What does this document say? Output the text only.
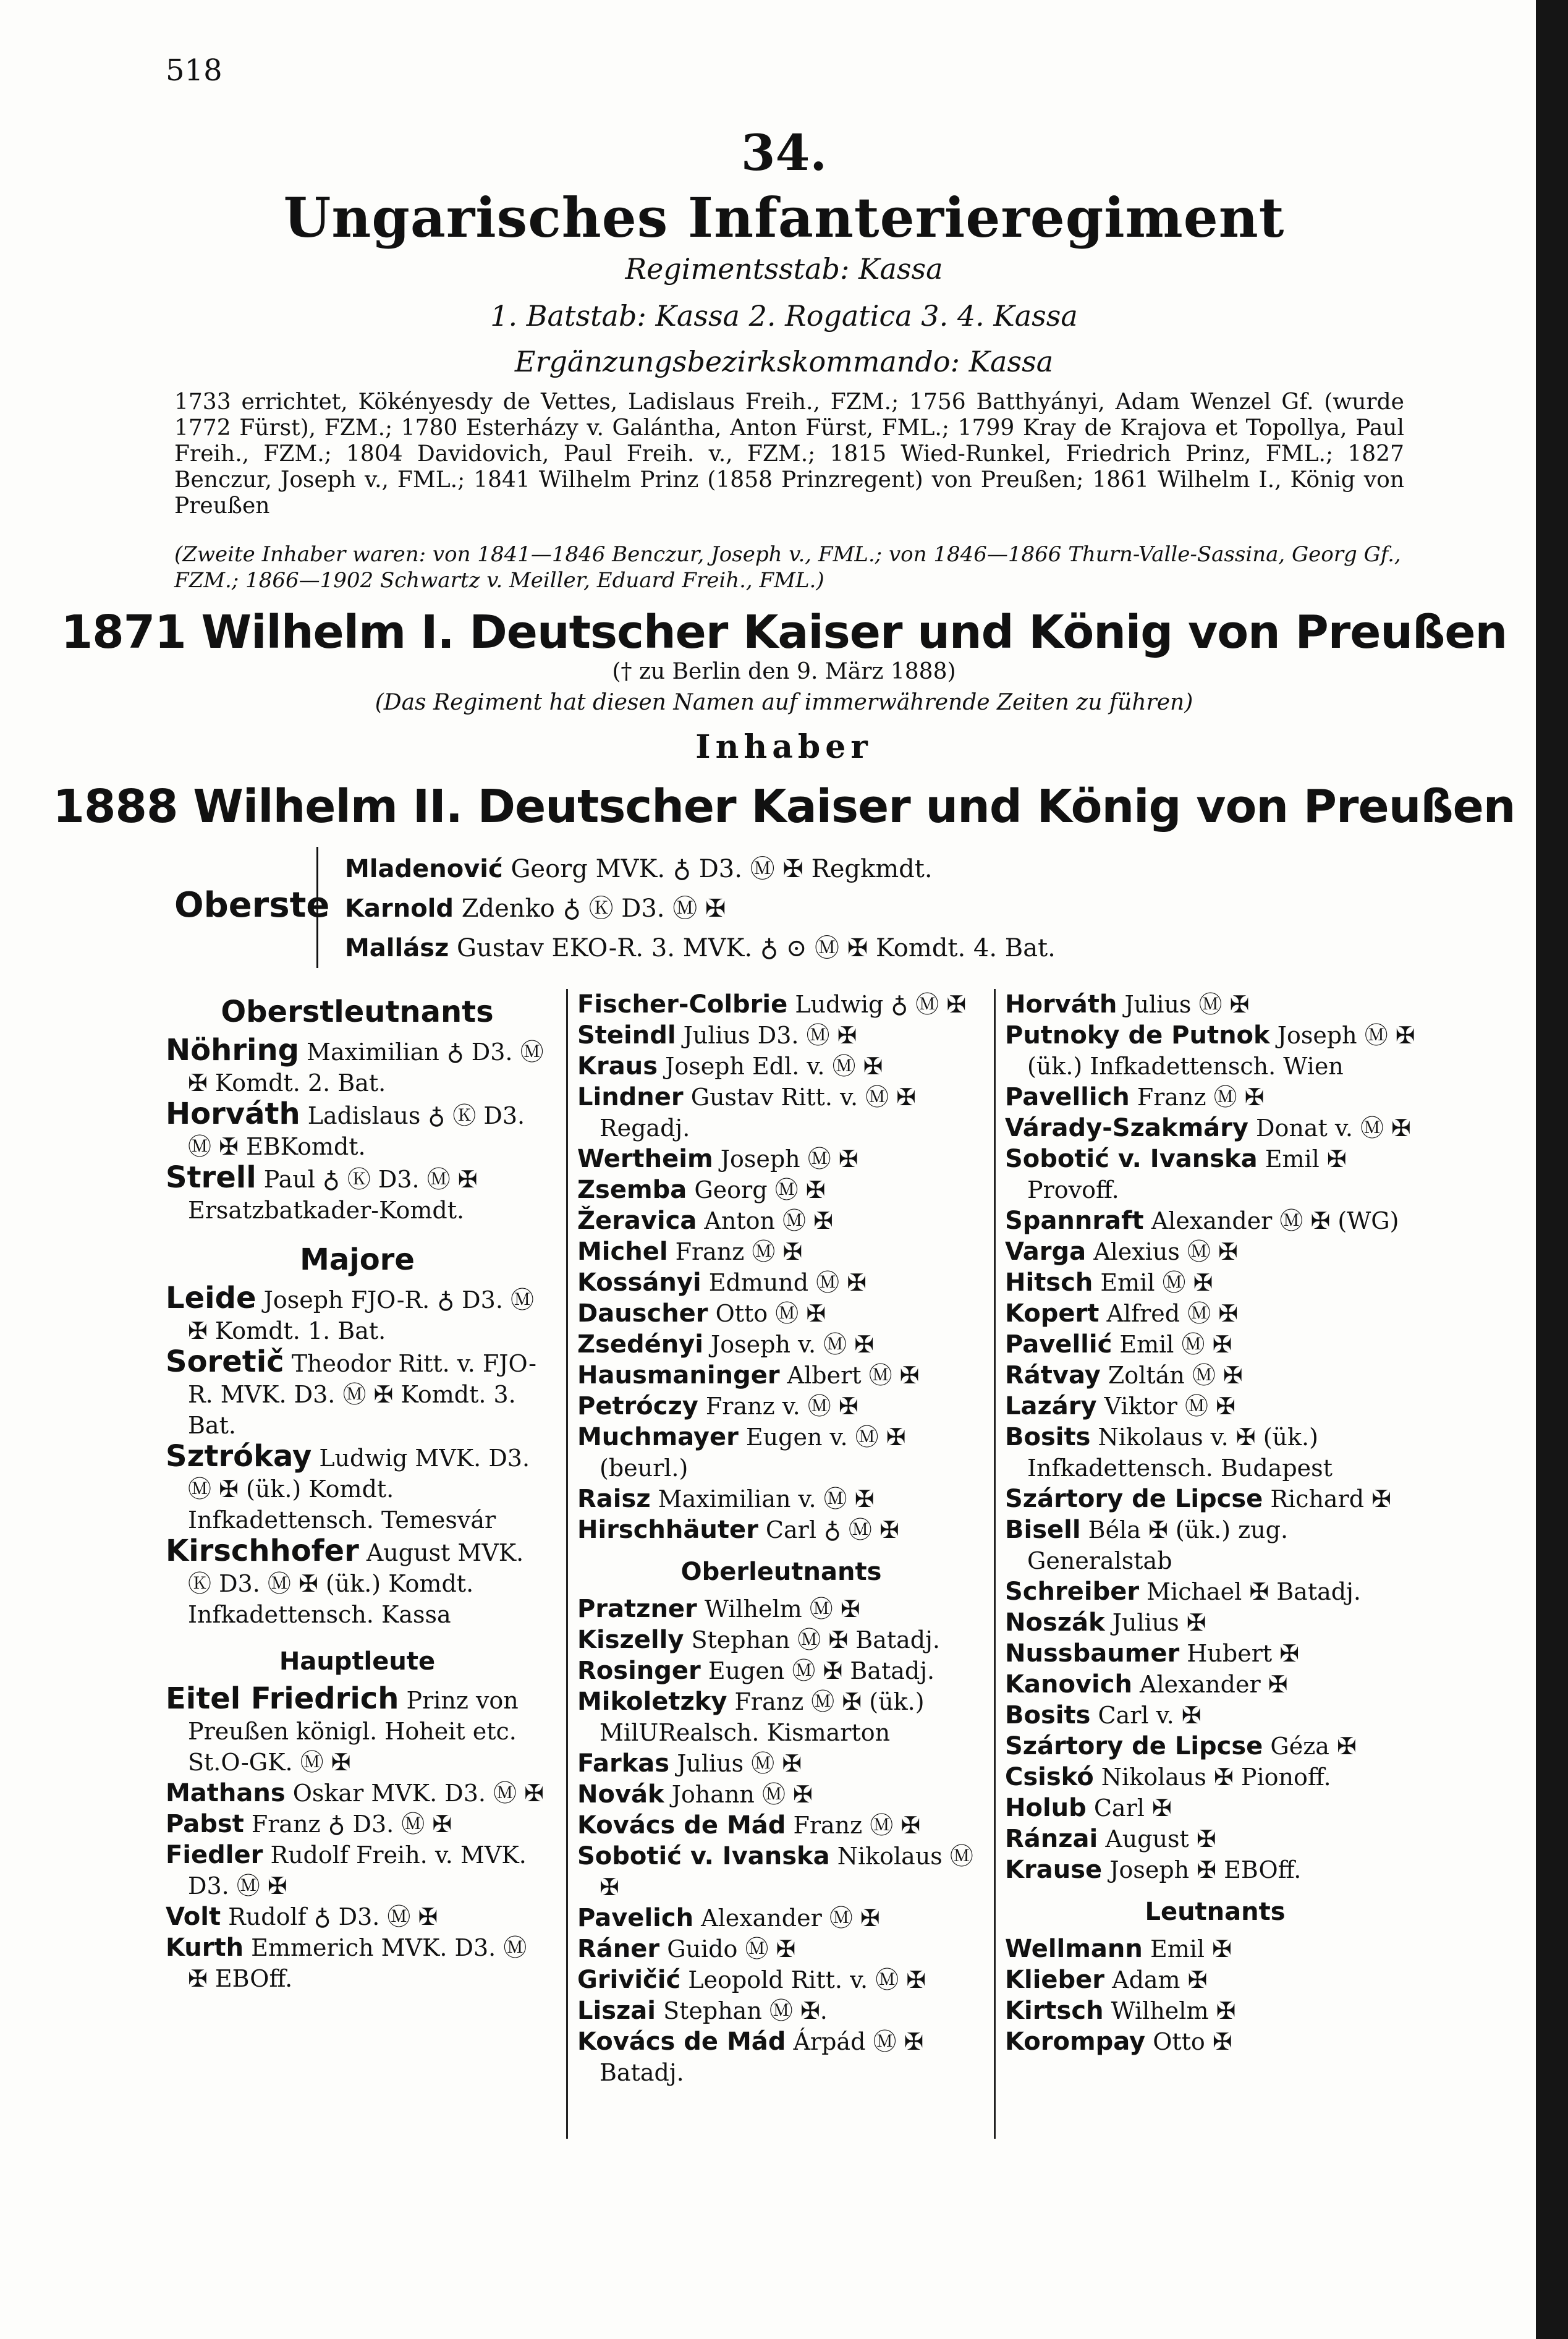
518
34.
Ungarisches Infanterieregiment
Regimentsstab: Kassa
1. Batstab: Kassa 2. Rogatica 3. 4. Kassa
Ergänzungsbezirkskommando: Kassa
1733 errichtet, Kökényesdy de Vettes, Ladislaus Freih., FZM.; 1756 Batthyányi, Adam Wenzel Gf. (wurde 1772 Fürst), FZM.; 1780 Esterházy v. Galántha, Anton Fürst, FML.; 1799 Kray de Krajova et Topollya, Paul Freih., FZM.; 1804 Davidovich, Paul Freih. v., FZM.; 1815 Wied-Runkel, Friedrich Prinz, FML.; 1827 Benczur, Joseph v., FML.; 1841 Wilhelm Prinz (1858 Prinzregent) von Preußen; 1861 Wilhelm I., König von Preußen
(Zweite Inhaber waren: von 1841—1846 Benczur, Joseph v., FML.; von 1846—1866 Thurn-Valle-Sassina, Georg Gf., FZM.; 1866—1902 Schwartz v. Meiller, Eduard Freih., FML.)
1871 Wilhelm I. Deutscher Kaiser und König von Preußen
(† zu Berlin den 9. März 1888)
(Das Regiment hat diesen Namen auf immerwährende Zeiten zu führen)
Inhaber
1888 Wilhelm II. Deutscher Kaiser und König von Preußen
Oberste
Mladenović Georg MVK. ♁ D3. Ⓜ ✠ Regkmdt.
Karnold Zdenko ♁ Ⓚ D3. Ⓜ ✠
Mallász Gustav EKO-R. 3. MVK. ♁ ⊙ Ⓜ ✠ Komdt. 4. Bat.
Oberstleutnants

Nöhring Maximilian ♁ D3. Ⓜ ✠ Komdt. 2. Bat.

Horváth Ladislaus ♁ Ⓚ D3. Ⓜ ✠ EBKomdt.

Strell Paul ♁ Ⓚ D3. Ⓜ ✠ Ersatzbatkader-Komdt.

Majore

Leide Joseph FJO-R. ♁ D3. Ⓜ ✠ Komdt. 1. Bat.

Soretič Theodor Ritt. v. FJO-R. MVK. D3. Ⓜ ✠ Komdt. 3. Bat.

Sztrókay Ludwig MVK. D3. Ⓜ ✠ (ük.) Komdt. Infkadettensch. Temesvár

Kirschhofer August MVK. Ⓚ D3. Ⓜ ✠ (ük.) Komdt. Infkadettensch. Kassa

Hauptleute

Eitel Friedrich Prinz von Preußen königl. Hoheit etc. St.O-GK. Ⓜ ✠

Mathans Oskar MVK. D3. Ⓜ ✠

Pabst Franz ♁ D3. Ⓜ ✠

Fiedler Rudolf Freih. v. MVK. D3. Ⓜ ✠

Volt Rudolf ♁ D3. Ⓜ ✠

Kurth Emmerich MVK. D3. Ⓜ ✠ EBOff.

Fischer-Colbrie Ludwig ♁ Ⓜ ✠

Steindl Julius D3. Ⓜ ✠

Kraus Joseph Edl. v. Ⓜ ✠

Lindner Gustav Ritt. v. Ⓜ ✠ Regadj.

Wertheim Joseph Ⓜ ✠

Zsemba Georg Ⓜ ✠

Žeravica Anton Ⓜ ✠

Michel Franz Ⓜ ✠

Kossányi Edmund Ⓜ ✠

Dauscher Otto Ⓜ ✠

Zsedényi Joseph v. Ⓜ ✠

Hausmaninger Albert Ⓜ ✠

Petróczy Franz v. Ⓜ ✠

Muchmayer Eugen v. Ⓜ ✠ (beurl.)

Raisz Maximilian v. Ⓜ ✠

Hirschhäuter Carl ♁ Ⓜ ✠

Oberleutnants

Pratzner Wilhelm Ⓜ ✠

Kiszelly Stephan Ⓜ ✠ Batadj.

Rosinger Eugen Ⓜ ✠ Batadj.

Mikoletzky Franz Ⓜ ✠ (ük.) MilURealsch. Kismarton

Farkas Julius Ⓜ ✠

Novák Johann Ⓜ ✠

Kovács de Mád Franz Ⓜ ✠

Sobotić v. Ivanska Nikolaus Ⓜ ✠

Pavelich Alexander Ⓜ ✠

Ráner Guido Ⓜ ✠

Grivičić Leopold Ritt. v. Ⓜ ✠

Liszai Stephan Ⓜ ✠.

Kovács de Mád Árpád Ⓜ ✠ Batadj.

Horváth Julius Ⓜ ✠

Putnoky de Putnok Joseph Ⓜ ✠ (ük.) Infkadettensch. Wien

Pavellich Franz Ⓜ ✠

Várady-Szakmáry Donat v. Ⓜ ✠

Sobotić v. Ivanska Emil ✠ Provoff.

Spannraft Alexander Ⓜ ✠ (WG)

Varga Alexius Ⓜ ✠

Hitsch Emil Ⓜ ✠

Kopert Alfred Ⓜ ✠

Pavellić Emil Ⓜ ✠

Rátvay Zoltán Ⓜ ✠

Lazáry Viktor Ⓜ ✠

Bosits Nikolaus v. ✠ (ük.) Infkadettensch. Budapest

Szártory de Lipcse Richard ✠

Bisell Béla ✠ (ük.) zug. Generalstab

Schreiber Michael ✠ Batadj.

Noszák Julius ✠

Nussbaumer Hubert ✠

Kanovich Alexander ✠

Bosits Carl v. ✠

Szártory de Lipcse Géza ✠

Csiskó Nikolaus ✠ Pionoff.

Holub Carl ✠

Ránzai August ✠

Krause Joseph ✠ EBOff.

Leutnants

Wellmann Emil ✠

Klieber Adam ✠

Kirtsch Wilhelm ✠

Korompay Otto ✠
